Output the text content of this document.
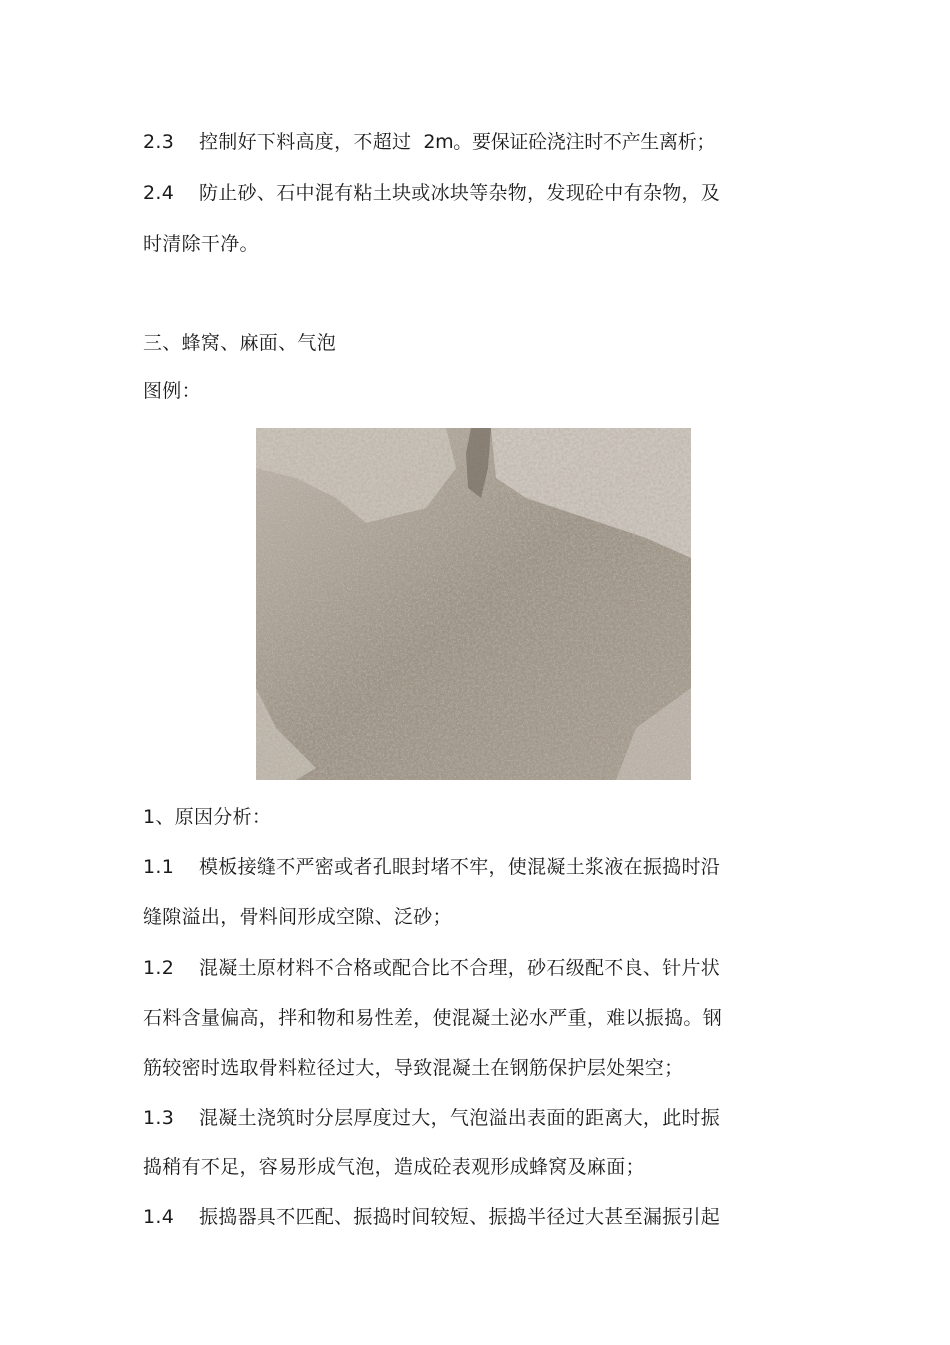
2.3 控制好下料高度，不超过 2m。要保证砼浇注时不产生离析；
2.4 防止砂、石中混有粘土块或冰块等杂物，发现砼中有杂物，及
时清除干净。
三、蜂窝、麻面、气泡
图例：
1、原因分析：
1.1 模板接缝不严密或者孔眼封堵不牢，使混凝土浆液在振捣时沿
缝隙溢出，骨料间形成空隙、泛砂；
1.2 混凝土原材料不合格或配合比不合理，砂石级配不良、针片状
石料含量偏高，拌和物和易性差，使混凝土泌水严重，难以振捣。钢
筋较密时选取骨料粒径过大，导致混凝土在钢筋保护层处架空；
1.3 混凝土浇筑时分层厚度过大，气泡溢出表面的距离大，此时振
捣稍有不足，容易形成气泡，造成砼表观形成蜂窝及麻面；
1.4 振捣器具不匹配、振捣时间较短、振捣半径过大甚至漏振引起
